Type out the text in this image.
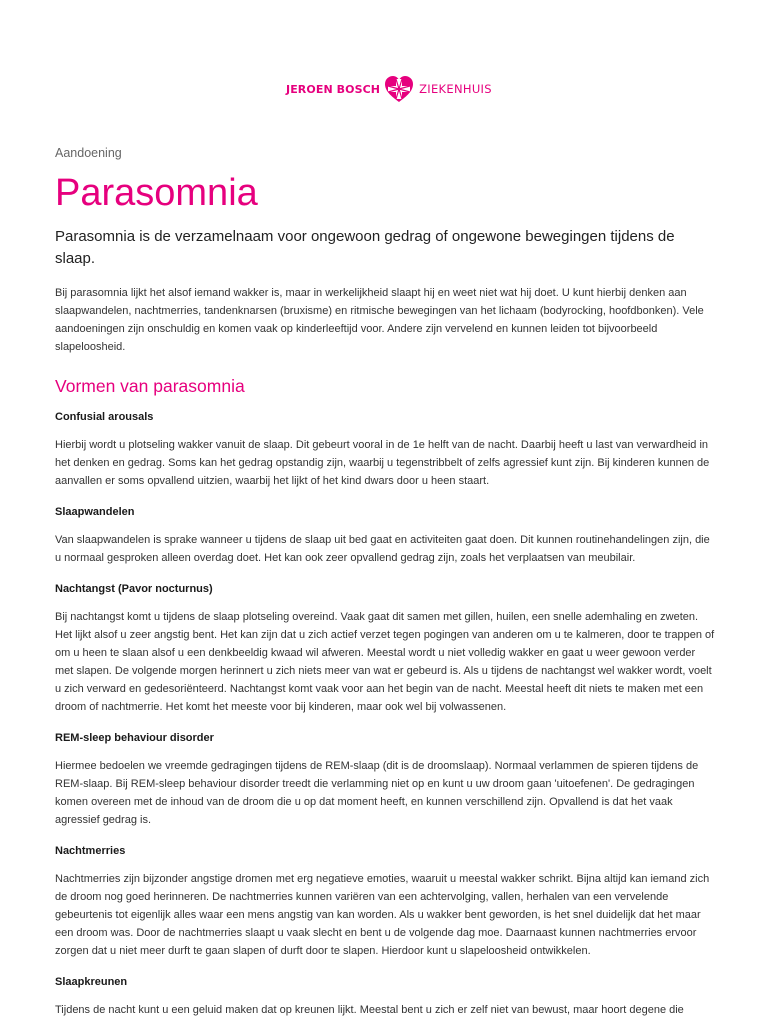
JEROEN BOSCH	ZIEKENHUIS
Aandoening
Parasomnia

Parasomnia is de verzamelnaam voor ongewoon gedrag of ongewone bewegingen tijdens de slaap.

Bij parasomnia lijkt het alsof iemand wakker is, maar in werkelijkheid slaapt hij en weet niet wat hij doet. U kunt hierbij denken aan slaapwandelen, nachtmerries, tandenknarsen (bruxisme) en ritmische bewegingen van het lichaam (bodyrocking, hoofdbonken). Vele aandoeningen zijn onschuldig en komen vaak op kinderleeftijd voor. Andere zijn vervelend en kunnen leiden tot bijvoorbeeld slapeloosheid.

Vormen van parasomnia
Confusial arousals

Hierbij wordt u plotseling wakker vanuit de slaap. Dit gebeurt vooral in de 1e helft van de nacht. Daarbij heeft u last van verwardheid in het denken en gedrag. Soms kan het gedrag opstandig zijn, waarbij u tegenstribbelt of zelfs agressief kunt zijn. Bij kinderen kunnen de aanvallen er soms opvallend uitzien, waarbij het lijkt of het kind dwars door u heen staart.

Slaapwandelen

Van slaapwandelen is sprake wanneer u tijdens de slaap uit bed gaat en activiteiten gaat doen. Dit kunnen routinehandelingen zijn, die u normaal gesproken alleen overdag doet. Het kan ook zeer opvallend gedrag zijn, zoals het verplaatsen van meubilair.

Nachtangst (Pavor nocturnus)

Bij nachtangst komt u tijdens de slaap plotseling overeind. Vaak gaat dit samen met gillen, huilen, een snelle ademhaling en zweten. Het lijkt alsof u zeer angstig bent. Het kan zijn dat u zich actief verzet tegen pogingen van anderen om u te kalmeren, door te trappen of om u heen te slaan alsof u een denkbeeldig kwaad wil afweren. Meestal wordt u niet volledig wakker en gaat u weer gewoon verder met slapen. De volgende morgen herinnert u zich niets meer van wat er gebeurd is. Als u tijdens de nachtangst wel wakker wordt, voelt u zich verward en gedesoriënteerd. Nachtangst komt vaak voor aan het begin van de nacht. Meestal heeft dit niets te maken met een droom of nachtmerrie. Het komt het meeste voor bij kinderen, maar ook wel bij volwassenen.

REM-sleep behaviour disorder

Hiermee bedoelen we vreemde gedragingen tijdens de REM-slaap (dit is de droomslaap). Normaal verlammen de spieren tijdens de REM-slaap. Bij REM-sleep behaviour disorder treedt die verlamming niet op en kunt u uw droom gaan 'uitoefenen'. De gedragingen komen overeen met de inhoud van de droom die u op dat moment heeft, en kunnen verschillend zijn. Opvallend is dat het vaak agressief gedrag is.

Nachtmerries

Nachtmerries zijn bijzonder angstige dromen met erg negatieve emoties, waaruit u meestal wakker schrikt. Bijna altijd kan iemand zich de droom nog goed herinneren. De nachtmerries kunnen variëren van een achtervolging, vallen, herhalen van een vervelende gebeurtenis tot eigenlijk alles waar een mens angstig van kan worden. Als u wakker bent geworden, is het snel duidelijk dat het maar een droom was. Door de nachtmerries slaapt u vaak slecht en bent u de volgende dag moe. Daarnaast kunnen nachtmerries ervoor zorgen dat u niet meer durft te gaan slapen of durft door te slapen. Hierdoor kunt u slapeloosheid ontwikkelen.

Slaapkreunen

Tijdens de nacht kunt u een geluid maken dat op kreunen lijkt. Meestal bent u zich er zelf niet van bewust, maar hoort degene die
